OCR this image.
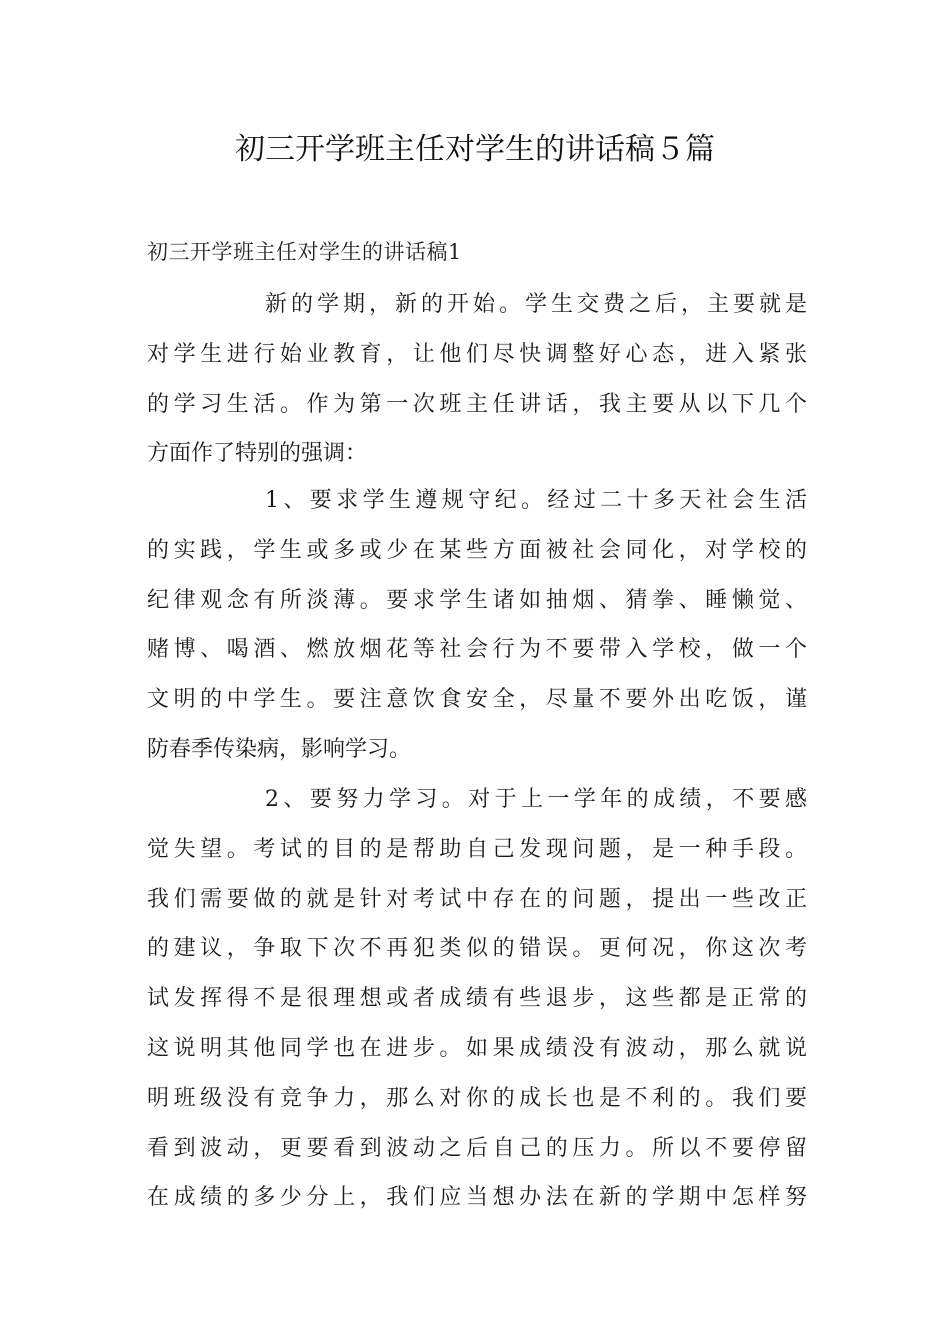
初三开学班主任对学生的讲话稿５篇
初三开学班主任对学生的讲话稿1
新的学期，新的开始。学生交费之后，主要就是
对学生进行始业教育，让他们尽快调整好心态，进入紧张
的学习生活。作为第一次班主任讲话，我主要从以下几个
方面作了特别的强调：
1、要求学生遵规守纪。经过二十多天社会生活
的实践，学生或多或少在某些方面被社会同化，对学校的
纪律观念有所淡薄。要求学生诸如抽烟、猜拳、睡懒觉、
赌博、喝酒、燃放烟花等社会行为不要带入学校，做一个
文明的中学生。要注意饮食安全，尽量不要外出吃饭，谨
防春季传染病，影响学习。
2、要努力学习。对于上一学年的成绩，不要感
觉失望。考试的目的是帮助自己发现问题，是一种手段。
我们需要做的就是针对考试中存在的问题，提出一些改正
的建议，争取下次不再犯类似的错误。更何况，你这次考
试发挥得不是很理想或者成绩有些退步，这些都是正常的
这说明其他同学也在进步。如果成绩没有波动，那么就说
明班级没有竞争力，那么对你的成长也是不利的。我们要
看到波动，更要看到波动之后自己的压力。所以不要停留
在成绩的多少分上，我们应当想办法在新的学期中怎样努
